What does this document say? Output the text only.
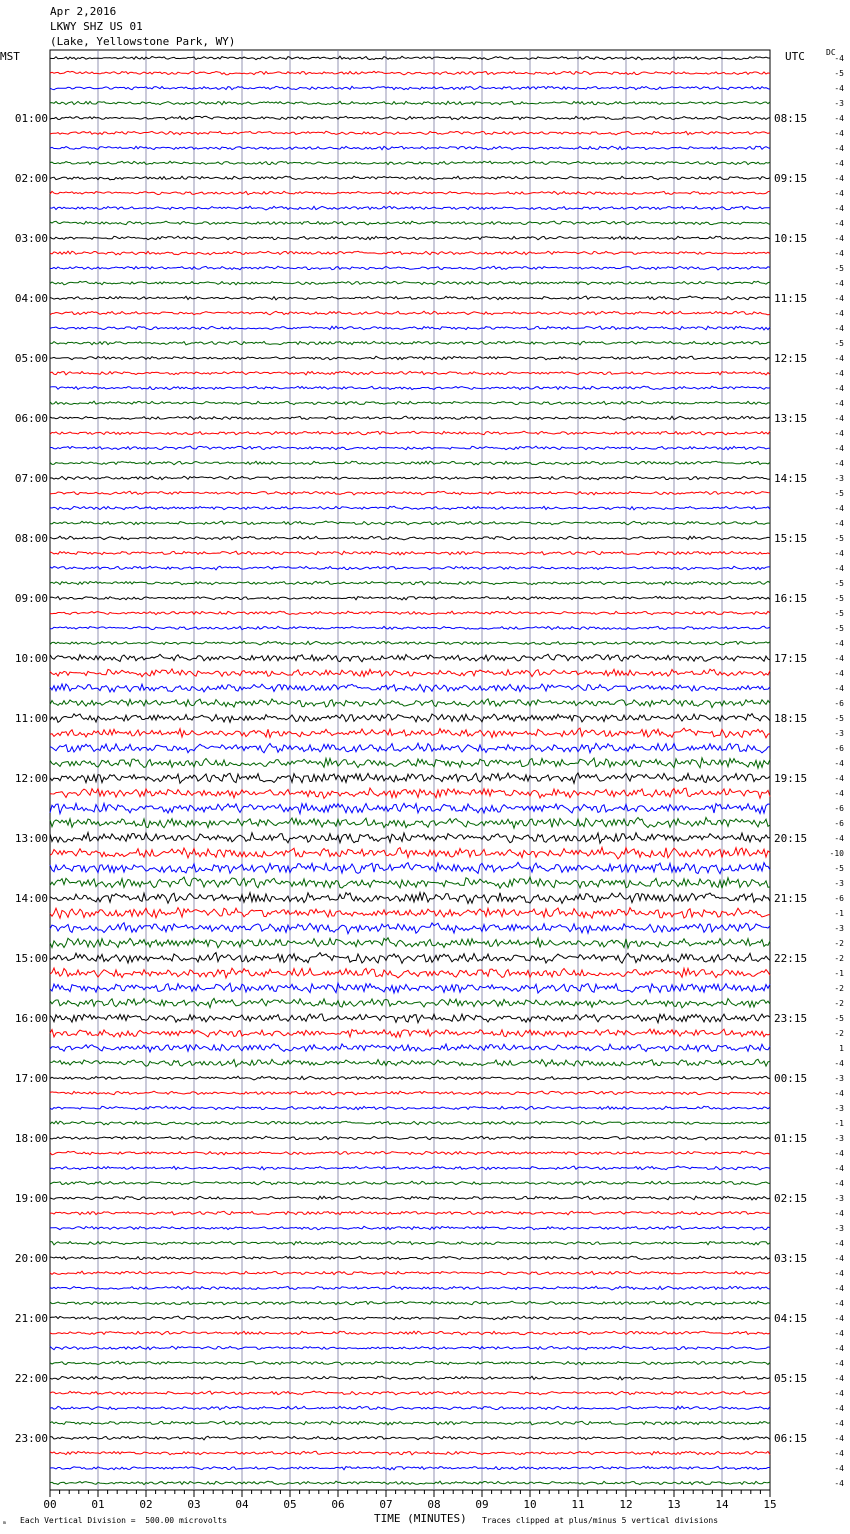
00	01	02	03	04	05	06	07	08	09	10	11	12	13	14	15
01:00
02:00
03:00
04:00
05:00
06:00
07:00
08:00
09:00
10:00
11:00
12:00
13:00
14:00
15:00
16:00
17:00
18:00
19:00
20:00
21:00
22:00
23:00
08:15
09:15
10:15
11:15
12:15
13:15
14:15
15:15
16:15
17:15
18:15
19:15
20:15
21:15
22:15
23:15
00:15
01:15
02:15
03:15
04:15
05:15
06:15
-4
-5
-4
-3
-4
-4
-4
-4
-4
-4
-4
-4
-4
-4
-5
-4
-4
-4
-4
-5
-4
-4
-4
-4
-4
-4
-4
-4
-3
-5
-4
-4
-5
-4
-4
-5
-5
-5
-5
-4
-4
-4
-4
-6
-5
-3
-6
-4
-4
-4
-6
-6
-4
-10
-5
-3
-6
-1
-3
-2
-2
-1
-2
-2
-5
-2
1
-4
-3
-4
-3
-1
-3
-4
-4
-4
-3
-4
-3
-4
-4
-4
-4
-4
-4
-4
-4
-4
-4
-4
-4
-4
-4
-4
-4
-4
Apr 2,2016
LKWY SHZ US 01
(Lake, Yellowstone Park, WY)
MST	UTC	DC
ₘ Each Vertical Division =  500.00 microvolts	TIME (MINUTES) Traces clipped at plus/minus 5 vertical divisions
